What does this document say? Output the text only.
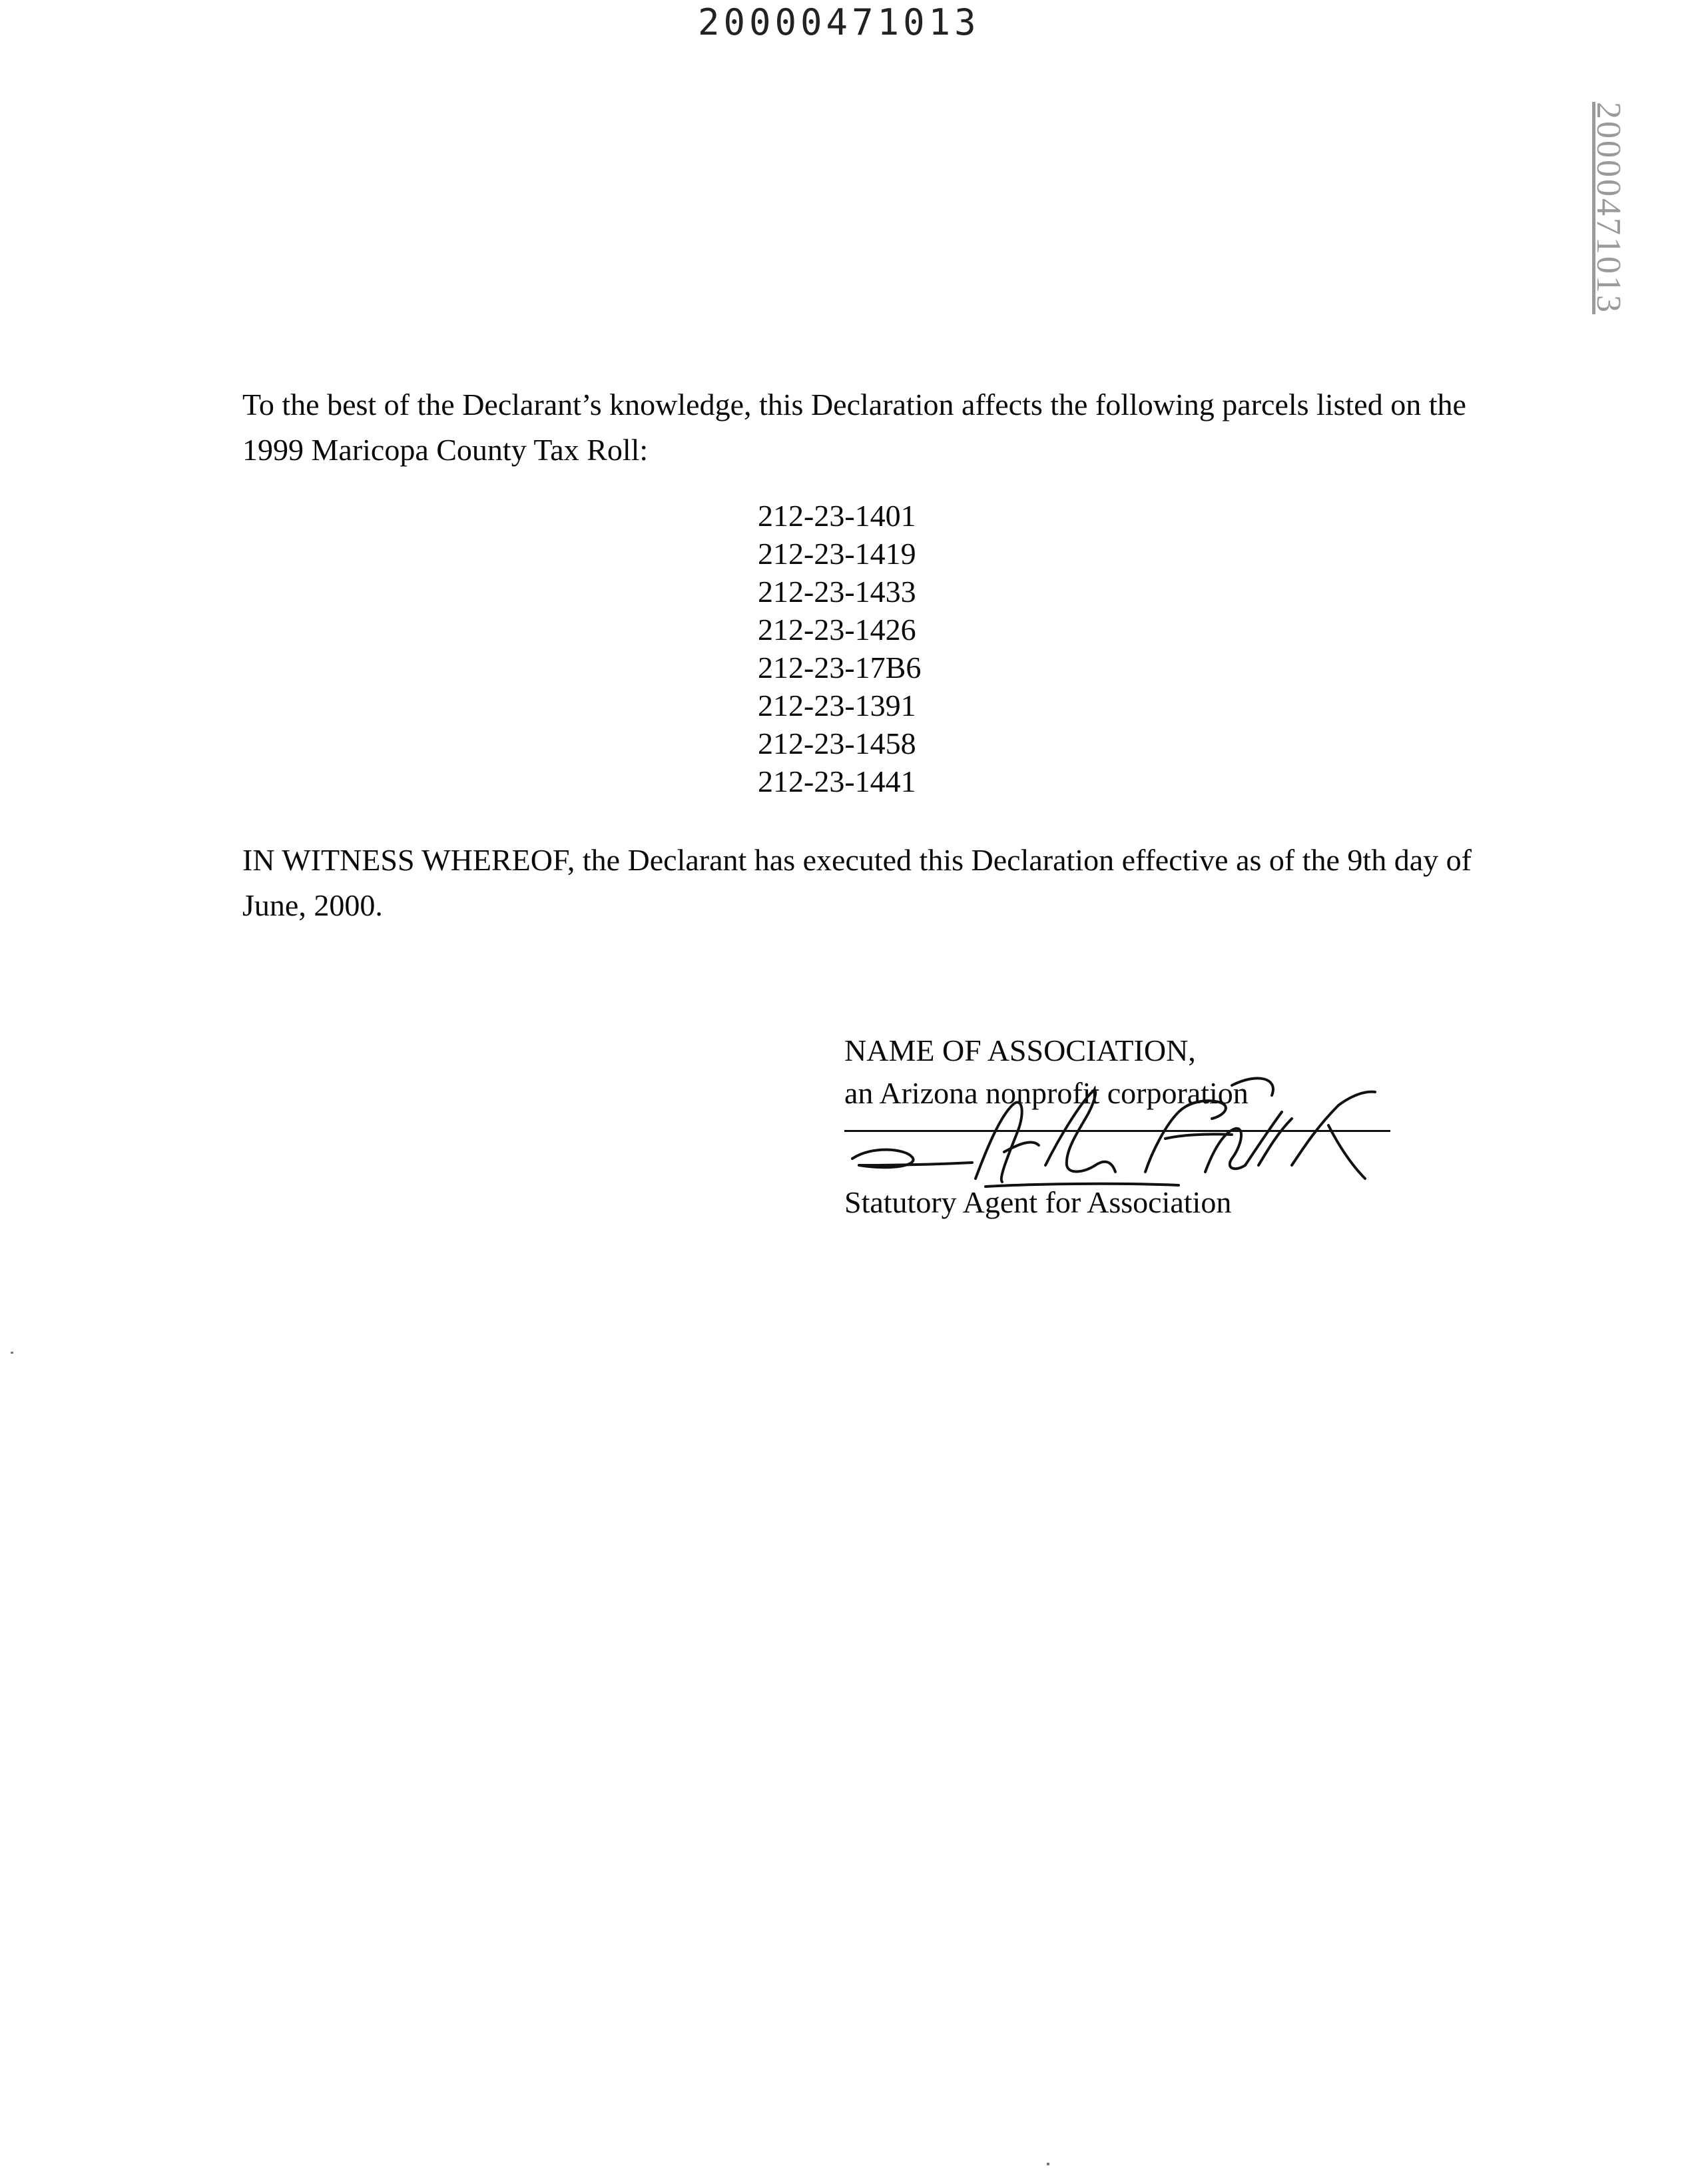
20000471013
20000471013

To the best of the Declarant’s knowledge, this Declaration affects the following parcels listed on the 1999 Maricopa County Tax Roll:

212-23-1401
212-23-1419
212-23-1433
212-23-1426
212-23-17B6
212-23-1391
212-23-1458
212-23-1441

IN WITNESS WHEREOF, the Declarant has executed this Declaration effective as of the 9th day of June, 2000.

NAME OF ASSOCIATION,
an Arizona nonprofit corporation
Statutory Agent for Association
